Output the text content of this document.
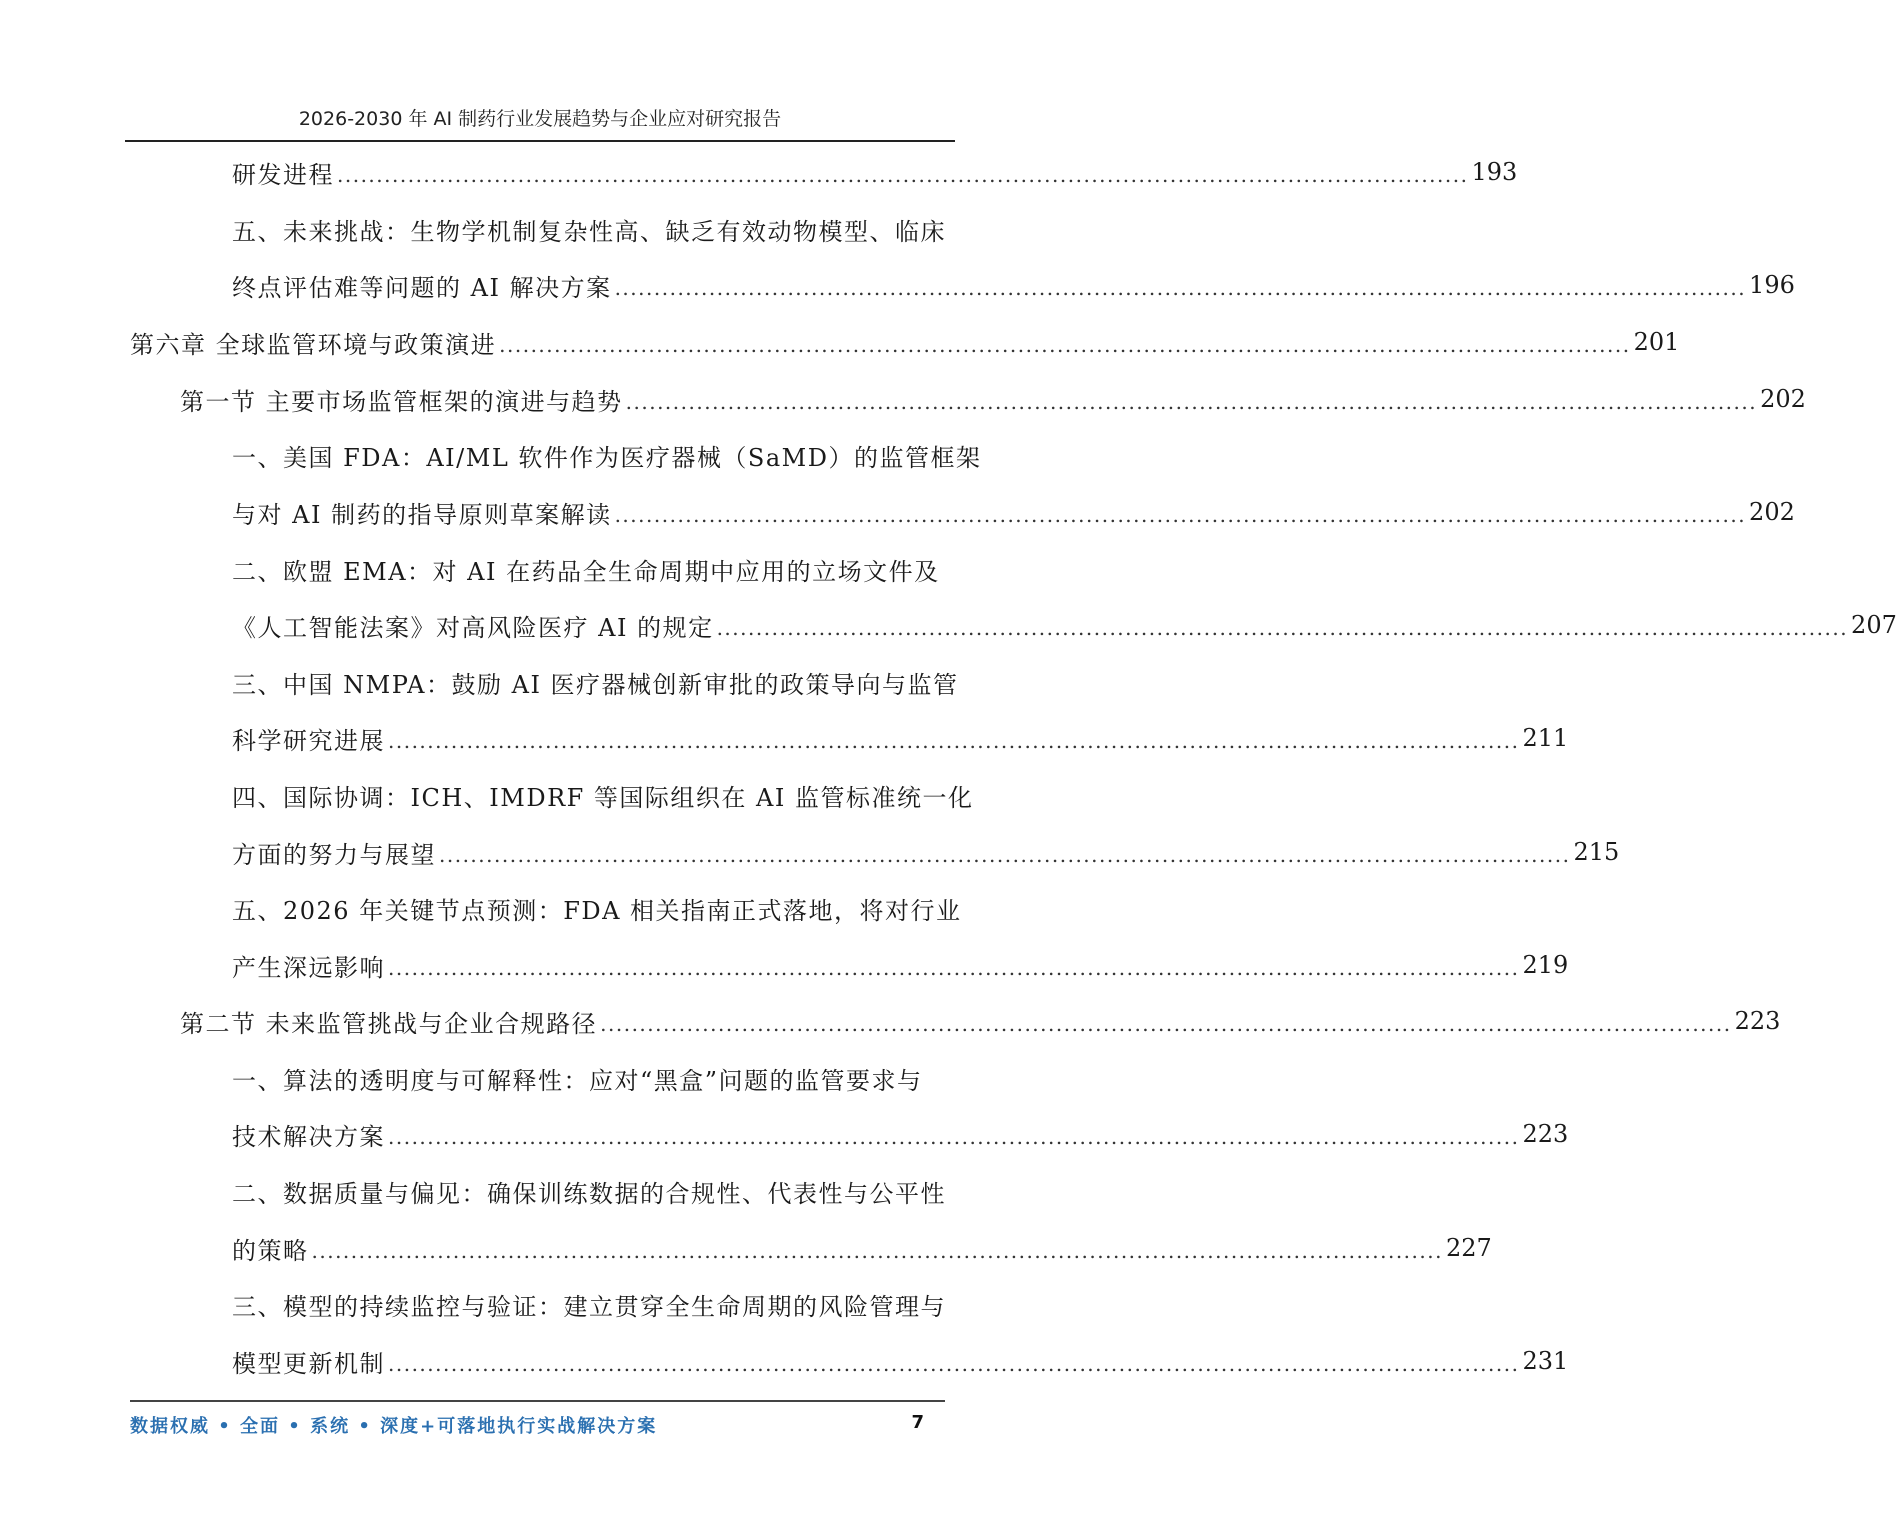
2026-2030 年 AI 制药行业发展趋势与企业应对研究报告
研发进程 ................................................................................................................................................ 193
五、未来挑战：生物学机制复杂性高、缺乏有效动物模型、临床
终点评估难等问题的 AI 解决方案 ................................................................................................................................................ 196
第六章 全球监管环境与政策演进 ................................................................................................................................................ 201
第一节 主要市场监管框架的演进与趋势 ................................................................................................................................................ 202
一、美国 FDA：AI/ML 软件作为医疗器械（SaMD）的监管框架
与对 AI 制药的指导原则草案解读 ................................................................................................................................................ 202
二、欧盟 EMA：对 AI 在药品全生命周期中应用的立场文件及
《人工智能法案》对高风险医疗 AI 的规定 ................................................................................................................................................ 207
三、中国 NMPA：鼓励 AI 医疗器械创新审批的政策导向与监管
科学研究进展 ................................................................................................................................................ 211
四、国际协调：ICH、IMDRF 等国际组织在 AI 监管标准统一化
方面的努力与展望 ................................................................................................................................................ 215
五、2026 年关键节点预测：FDA 相关指南正式落地，将对行业
产生深远影响 ................................................................................................................................................ 219
第二节 未来监管挑战与企业合规路径 ................................................................................................................................................ 223
一、算法的透明度与可解释性：应对“黑盒”问题的监管要求与
技术解决方案 ................................................................................................................................................ 223
二、数据质量与偏见：确保训练数据的合规性、代表性与公平性
的策略 ................................................................................................................................................ 227
三、模型的持续监控与验证：建立贯穿全生命周期的风险管理与
模型更新机制 ................................................................................................................................................ 231
数据权威 • 全面 • 系统 • 深度+可落地执行实战解决方案	7
